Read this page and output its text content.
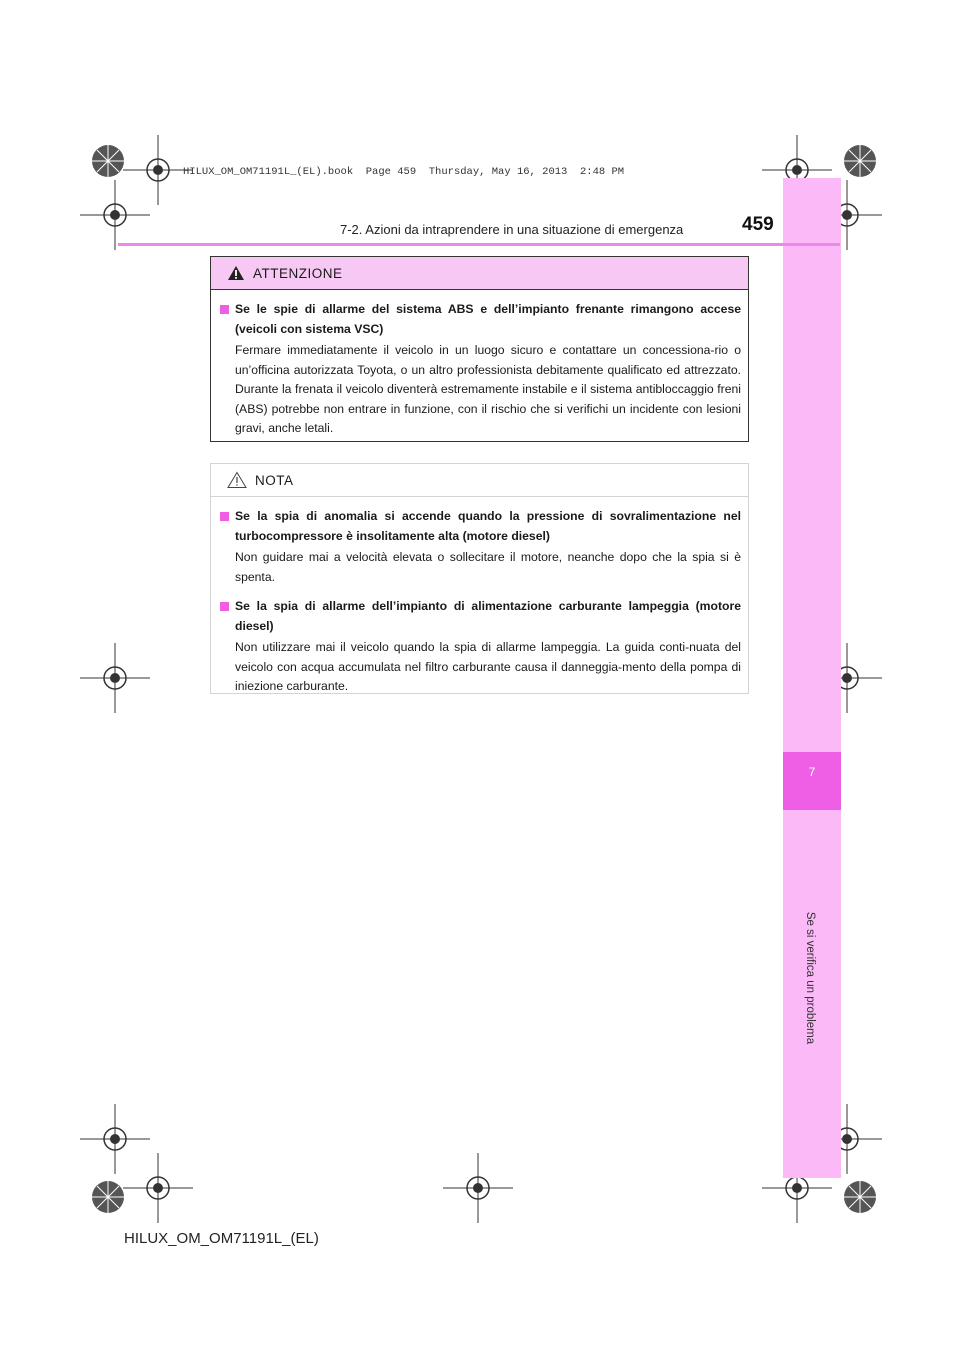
HILUX_OM_OM71191L_(EL).book  Page 459  Thursday, May 16, 2013  2:48 PM
7
Se si verifica un problema
7-2. Azioni da intraprendere in una situazione di emergenza	459
ATTENZIONE
Se le spie di allarme del sistema ABS e dell’impianto frenante rimangono accese (veicoli con sistema VSC)
Fermare immediatamente il veicolo in un luogo sicuro e contattare un concessiona-rio o un’officina autorizzata Toyota, o un altro professionista debitamente qualificato ed attrezzato. Durante la frenata il veicolo diventerà estremamente instabile e il sistema antibloccaggio freni (ABS) potrebbe non entrare in funzione, con il rischio che si verifichi un incidente con lesioni gravi, anche letali.
NOTA
Se la spia di anomalia si accende quando la pressione di sovralimentazione nel turbocompressore è insolitamente alta (motore diesel)
Non guidare mai a velocità elevata o sollecitare il motore, neanche dopo che la spia si è spenta.
Se la spia di allarme dell’impianto di alimentazione carburante lampeggia (motore diesel)
Non utilizzare mai il veicolo quando la spia di allarme lampeggia. La guida conti-nuata del veicolo con acqua accumulata nel filtro carburante causa il danneggia-mento della pompa di iniezione carburante.
HILUX_OM_OM71191L_(EL)
